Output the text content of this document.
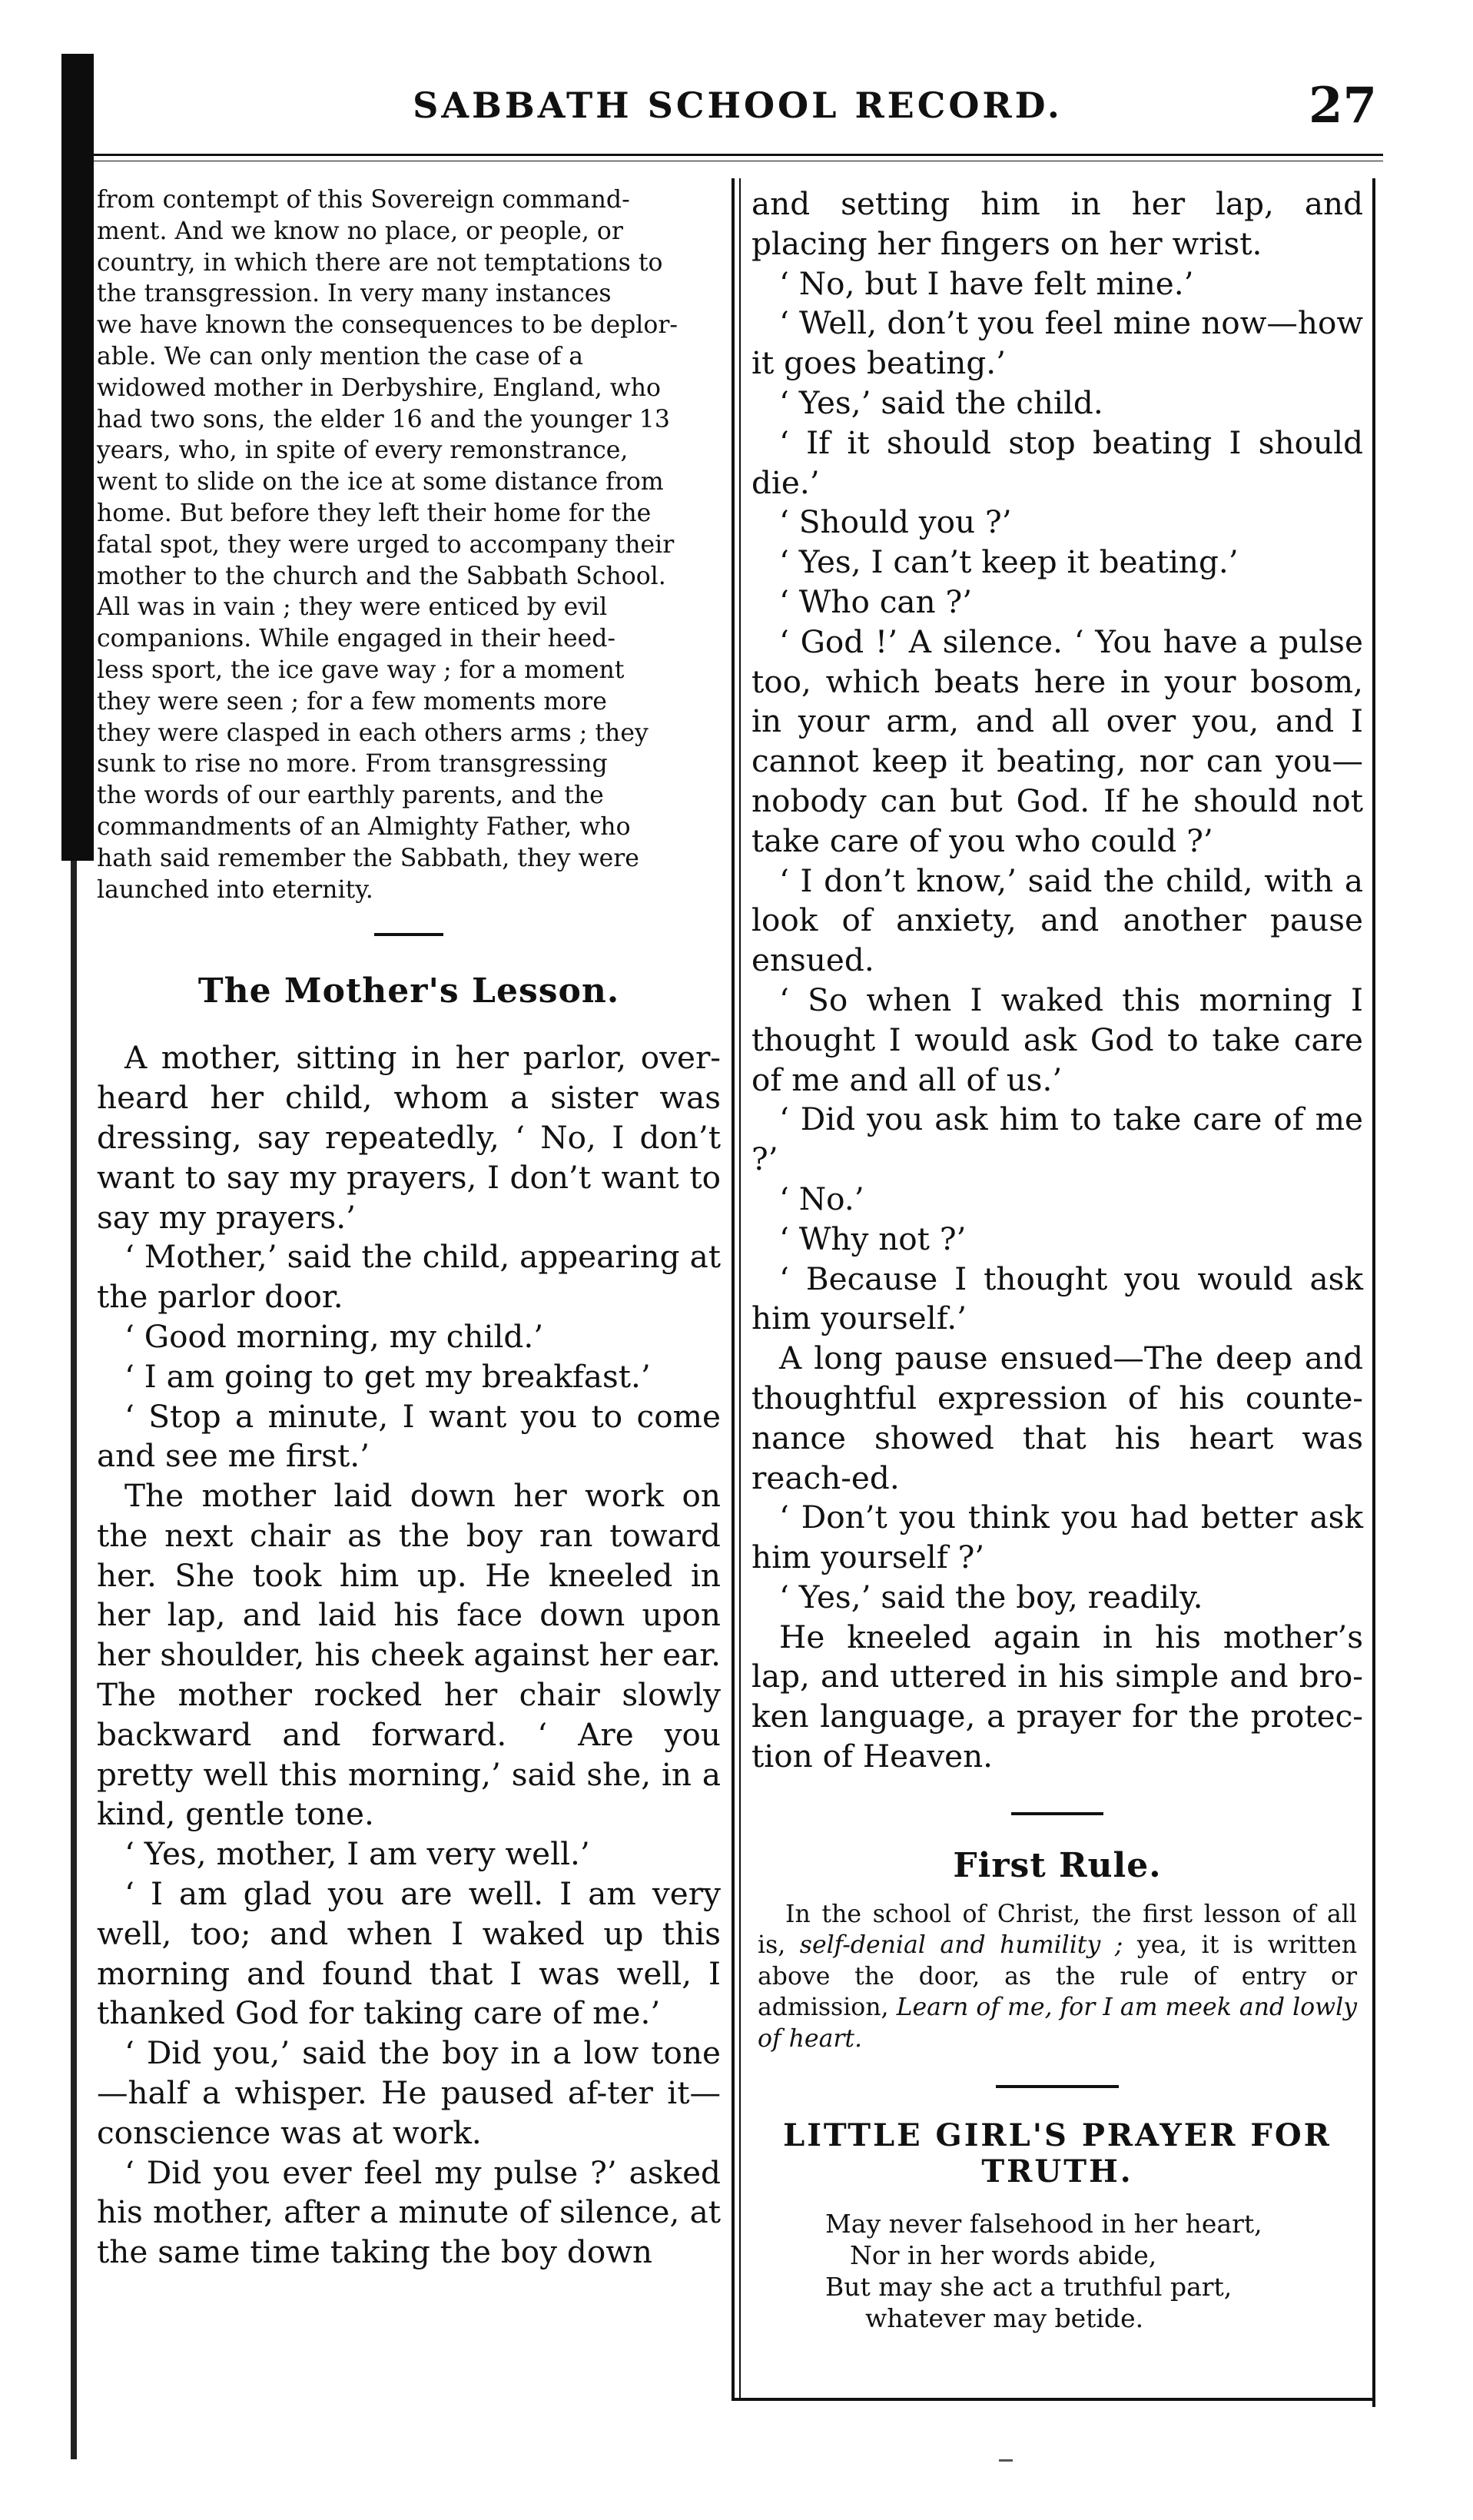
SABBATH SCHOOL RECORD.	27
from contempt of this Sovereign command-
ment. And we know no place, or people, or
country, in which there are not temptations to
the transgression. In very many instances
we have known the consequences to be deplor-
able. We can only mention the case of a
widowed mother in Derbyshire, England, who
had two sons, the elder 16 and the younger 13
years, who, in spite of every remonstrance,
went to slide on the ice at some distance from
home. But before they left their home for the
fatal spot, they were urged to accompany their
mother to the church and the Sabbath School.
All was in vain ; they were enticed by evil
companions. While engaged in their heed-
less sport, the ice gave way ; for a moment
they were seen ; for a few moments more
they were clasped in each others arms ; they
sunk to rise no more. From transgressing
the words of our earthly parents, and the
commandments of an Almighty Father, who
hath said remember the Sabbath, they were
launched into eternity.
The Mother's Lesson.

A mother, sitting in her parlor, over-heard her child, whom a sister was dressing, say repeatedly, ‘ No, I don’t want to say my prayers, I don’t want to say my prayers.’

‘ Mother,’ said the child, appearing at the parlor door.

‘ Good morning, my child.’

‘ I am going to get my breakfast.’

‘ Stop a minute, I want you to come and see me first.’

The mother laid down her work on the next chair as the boy ran toward her. She took him up. He kneeled in her lap, and laid his face down upon her shoulder, his cheek against her ear. The mother rocked her chair slowly backward and forward. ‘ Are you pretty well this morning,’ said she, in a kind, gentle tone.

‘ Yes, mother, I am very well.’

‘ I am glad you are well. I am very well, too; and when I waked up this morning and found that I was well, I thanked God for taking care of me.’

‘ Did you,’ said the boy in a low tone—half a whisper. He paused af-ter it—conscience was at work.

‘ Did you ever feel my pulse ?’ asked his mother, after a minute of silence, at the same time taking the boy down

and setting him in her lap, and placing her fingers on her wrist.

‘ No, but I have felt mine.’

‘ Well, don’t you feel mine now—how it goes beating.’

‘ Yes,’ said the child.

‘ If it should stop beating I should die.’

‘ Should you ?’

‘ Yes, I can’t keep it beating.’

‘ Who can ?’

‘ God !’ A silence. ‘ You have a pulse too, which beats here in your bosom, in your arm, and all over you, and I cannot keep it beating, nor can you—nobody can but God. If he should not take care of you who could ?’

‘ I don’t know,’ said the child, with a look of anxiety, and another pause ensued.

‘ So when I waked this morning I thought I would ask God to take care of me and all of us.’

‘ Did you ask him to take care of me ?’

‘ No.’

‘ Why not ?’

‘ Because I thought you would ask him yourself.’

A long pause ensued—The deep and thoughtful expression of his counte-nance showed that his heart was reach-ed.

‘ Don’t you think you had better ask him yourself ?’

‘ Yes,’ said the boy, readily.

He kneeled again in his mother’s lap, and uttered in his simple and bro-ken language, a prayer for the protec-tion of Heaven.

First Rule.

In the school of Christ, the first lesson of all is, self-denial and humility ; yea, it is written above the door, as the rule of entry or admission, Learn of me, for I am meek and lowly of heart.

LITTLE GIRL'S PRAYER FOR TRUTH.
May never falsehood in her heart,
Nor in her words abide,
But may she act a truthful part,
whatever may betide.
